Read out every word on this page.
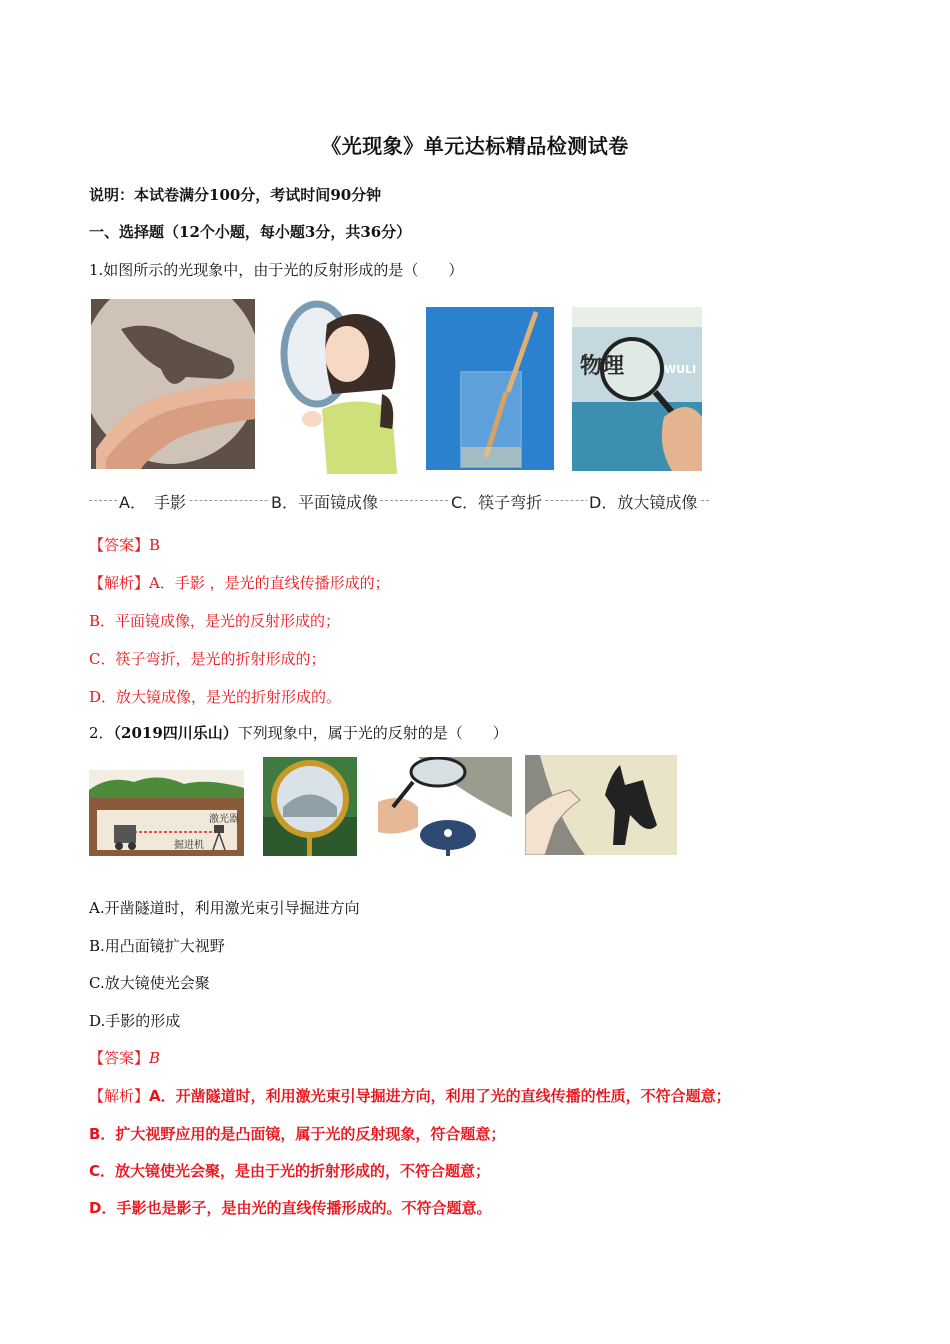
《光现象》单元达标精品检测试卷
说明：本试卷满分100分，考试时间90分钟
一、选择题（12个小题，每小题3分，共36分）
1.如图所示的光现象中，由于光的反射形成的是（　　）
物理	WULI
A．　手影	B．平面镜成像	C．筷子弯折	D．放大镜成像
【答案】B
【解析】A．手影 ，是光的直线传播形成的；
B．平面镜成像，是光的反射形成的；
C．筷子弯折，是光的折射形成的；
D．放大镜成像，是光的折射形成的。
2．（2019四川乐山）下列现象中，属于光的反射的是（　　）
激光器
掘进机
A.开凿隧道时，利用激光束引导掘进方向
B.用凸面镜扩大视野
C.放大镜使光会聚
D.手影的形成
【答案】B
【解析】A．开凿隧道时，利用激光束引导掘进方向，利用了光的直线传播的性质，不符合题意；
B．扩大视野应用的是凸面镜，属于光的反射现象，符合题意；
C．放大镜使光会聚，是由于光的折射形成的，不符合题意；
D．手影也是影子，是由光的直线传播形成的。不符合题意。
